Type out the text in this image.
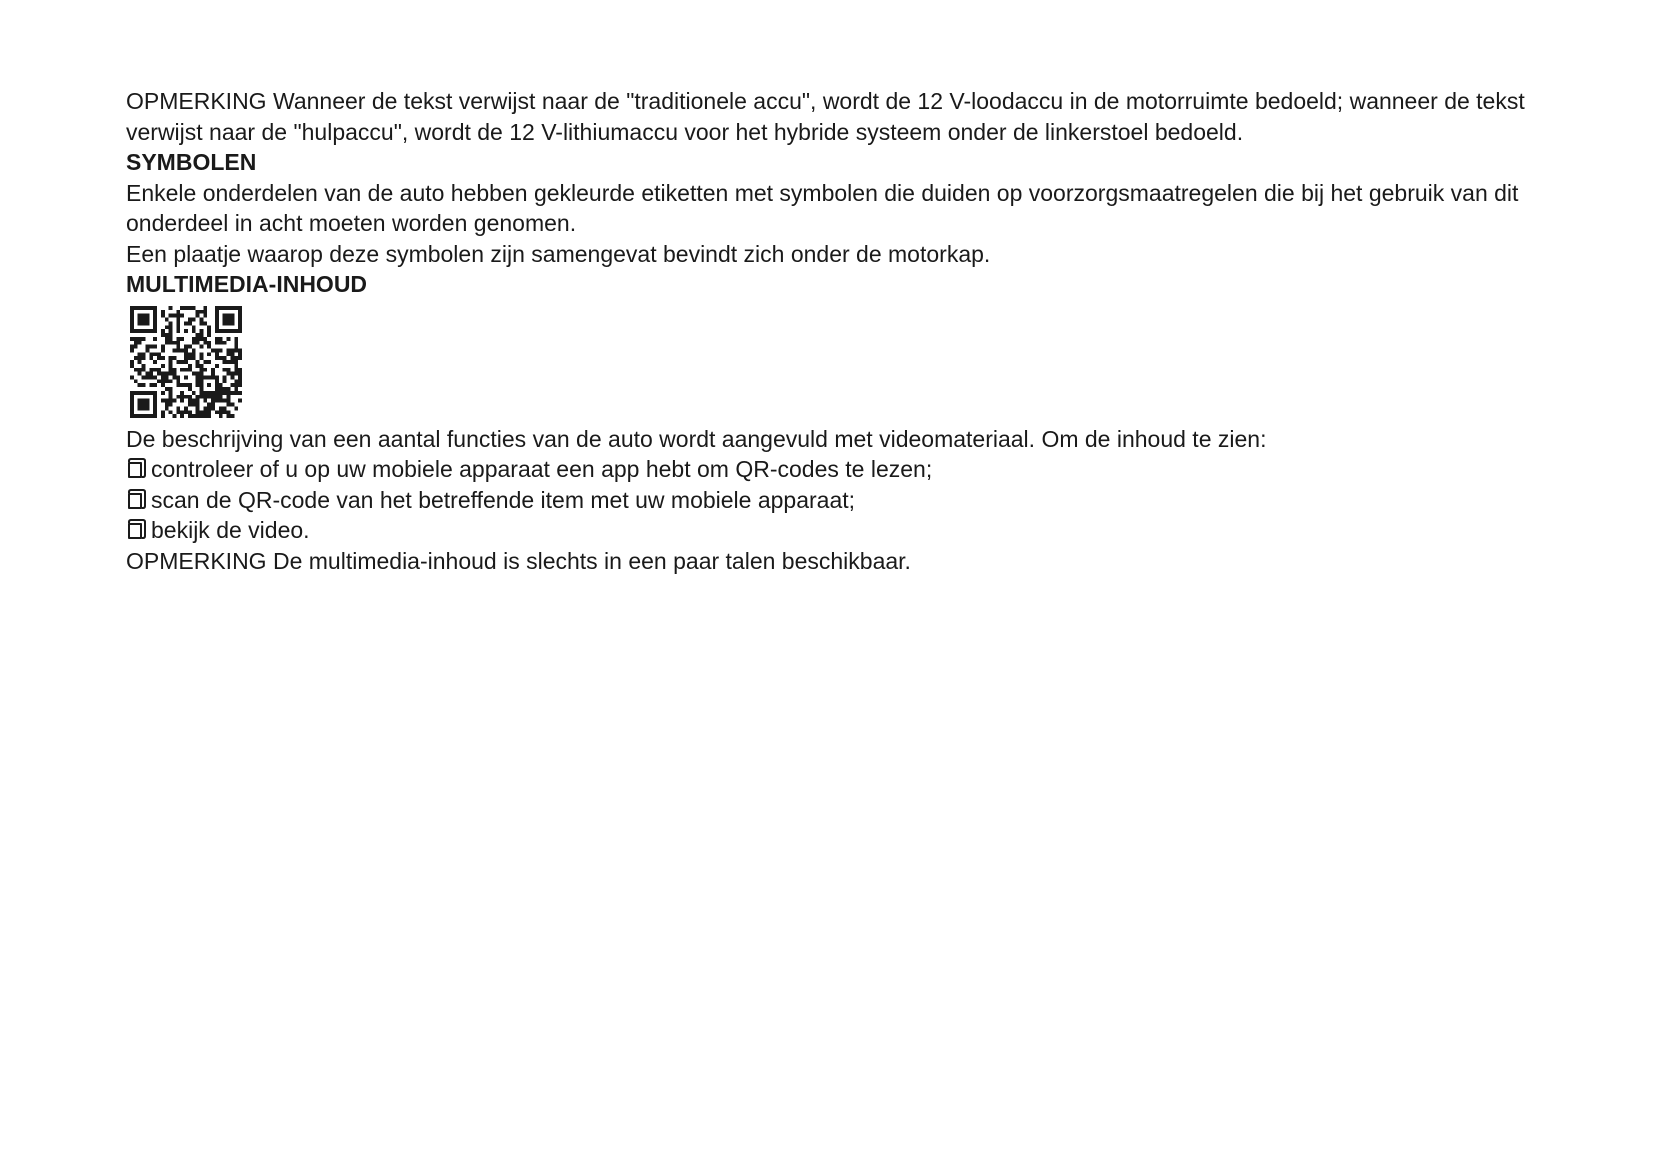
OPMERKING Wanneer de tekst verwijst naar de "traditionele accu", wordt de 12 V-loodaccu in de motorruimte bedoeld; wanneer de tekst verwijst naar de "hulpaccu", wordt de 12 V-lithiumaccu voor het hybride systeem onder de linkerstoel bedoeld.

SYMBOLEN

Enkele onderdelen van de auto hebben gekleurde etiketten met symbolen die duiden op voorzorgsmaatregelen die bij het gebruik van dit onderdeel in acht moeten worden genomen.

Een plaatje waarop deze symbolen zijn samengevat bevindt zich onder de motorkap.

MULTIMEDIA-INHOUD

De beschrijving van een aantal functies van de auto wordt aangevuld met videomateriaal. Om de inhoud te zien:

controleer of u op uw mobiele apparaat een app hebt om QR-codes te lezen;
scan de QR-code van het betreffende item met uw mobiele apparaat;
bekijk de video.

OPMERKING De multimedia-inhoud is slechts in een paar talen beschikbaar.
